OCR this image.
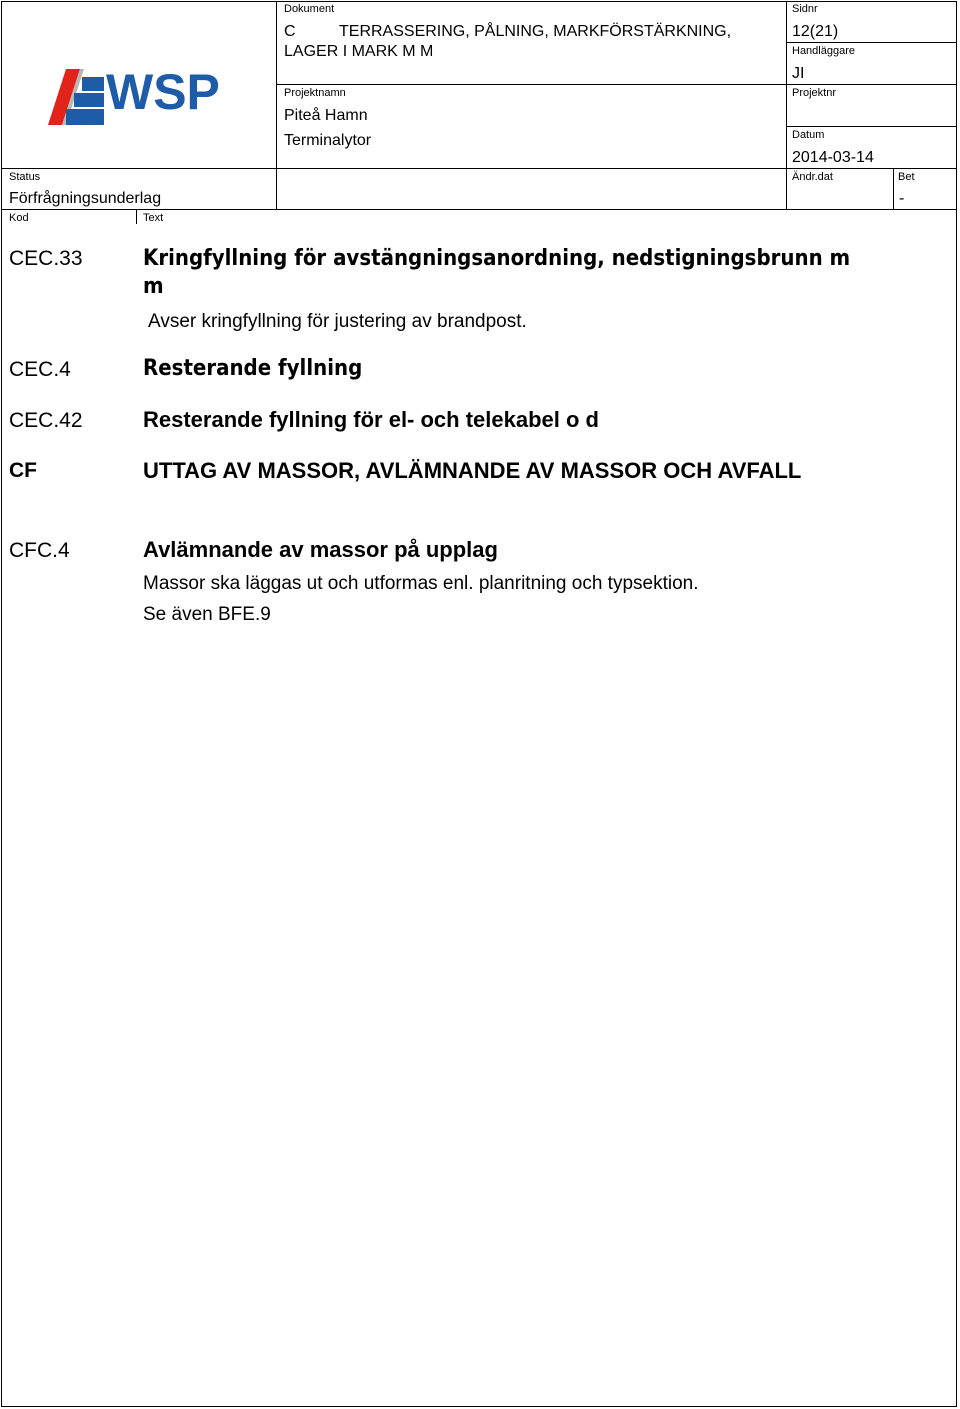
WSP
Dokument
C	TERRASSERING, PÅLNING, MARKFÖRSTÄRKNING,
LAGER I MARK M M
Sidnr
12(21)
Handläggare
JI
Projektnamn
Piteå Hamn
Terminalytor
Projektnr
Datum
2014-03-14
Status
Förfrågningsunderlag
Ändr.dat	Bet
-
Kod	Text
CEC.33	Kringfyllning för avstängningsanordning, nedstigningsbrunn m m
Avser kringfyllning för justering av brandpost.
CEC.4	Resterande fyllning
CEC.42	Resterande fyllning för el- och telekabel o d
CF	UTTAG AV MASSOR, AVLÄMNANDE AV MASSOR OCH AVFALL
CFC.4	Avlämnande av massor på upplag
Massor ska läggas ut och utformas enl. planritning och typsektion.
Se även BFE.9
